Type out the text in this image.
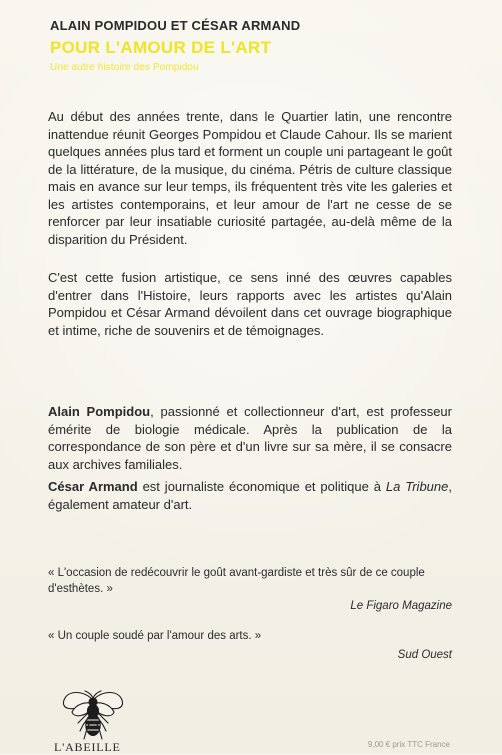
ALAIN POMPIDOU ET CÉSAR ARMAND
POUR L'AMOUR DE L'ART
Une autre histoire des Pompidou
Au début des années trente, dans le Quartier latin, une rencontre inattendue réunit Georges Pompidou et Claude Cahour. Ils se marient quelques années plus tard et forment un couple uni partageant le goût de la littérature, de la musique, du cinéma. Pétris de culture classique mais en avance sur leur temps, ils fréquentent très vite les galeries et les artistes contemporains, et leur amour de l'art ne cesse de se renforcer par leur insatiable curiosité partagée, au-delà même de la disparition du Président.
C'est cette fusion artistique, ce sens inné des œuvres capables d'entrer dans l'Histoire, leurs rapports avec les artistes qu'Alain Pompidou et César Armand dévoilent dans cet ouvrage biographique et intime, riche de souvenirs et de témoignages.
Alain Pompidou, passionné et collectionneur d'art, est professeur émérite de biologie médicale. Après la publication de la correspondance de son père et d'un livre sur sa mère, il se consacre aux archives familiales.
César Armand est journaliste économique et politique à La Tribune, également amateur d'art.
« L'occasion de redécouvrir le goût avant-gardiste et très sûr de ce couple d'esthètes. »
Le Figaro Magazine
« Un couple soudé par l'amour des arts. »
Sud Ouest
L'ABEILLE	9,00 € prix TTC France
